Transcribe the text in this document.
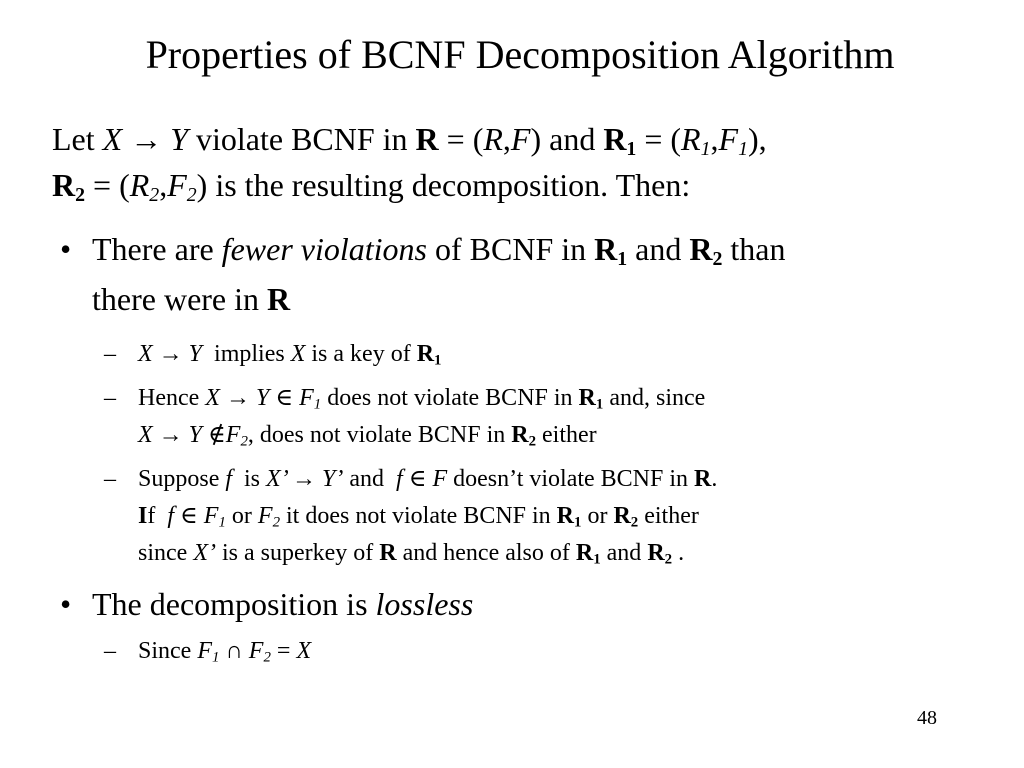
Properties of BCNF Decomposition Algorithm
Let X → Y violate BCNF in R = (R,F) and $R_1 = (R_1,F_1)$,
$R_2 = (R_2,F_2)$ is the resulting decomposition. Then:
• There are fewer violations of BCNF in $R_1$ and $R_2$ than
there were in R
– X → Y  implies X is a key of $R_1$
– Hence X → Y ∈ $F_1$ does not violate BCNF in $R_1$ and, since
X → Y $\notin F_2$, does not violate BCNF in $R_2$ either
– Suppose f  is X’ → Y’ and  f ∈ F doesn’t violate BCNF in R.
If  f ∈ $F_1$ or $F_2$ it does not violate BCNF in $R_1$ or $R_2$ either
since X’ is a superkey of R and hence also of $R_1$ and $R_2$ .
• The decomposition is lossless
– Since $F_1$ ∩ $F_2 = X$
48
